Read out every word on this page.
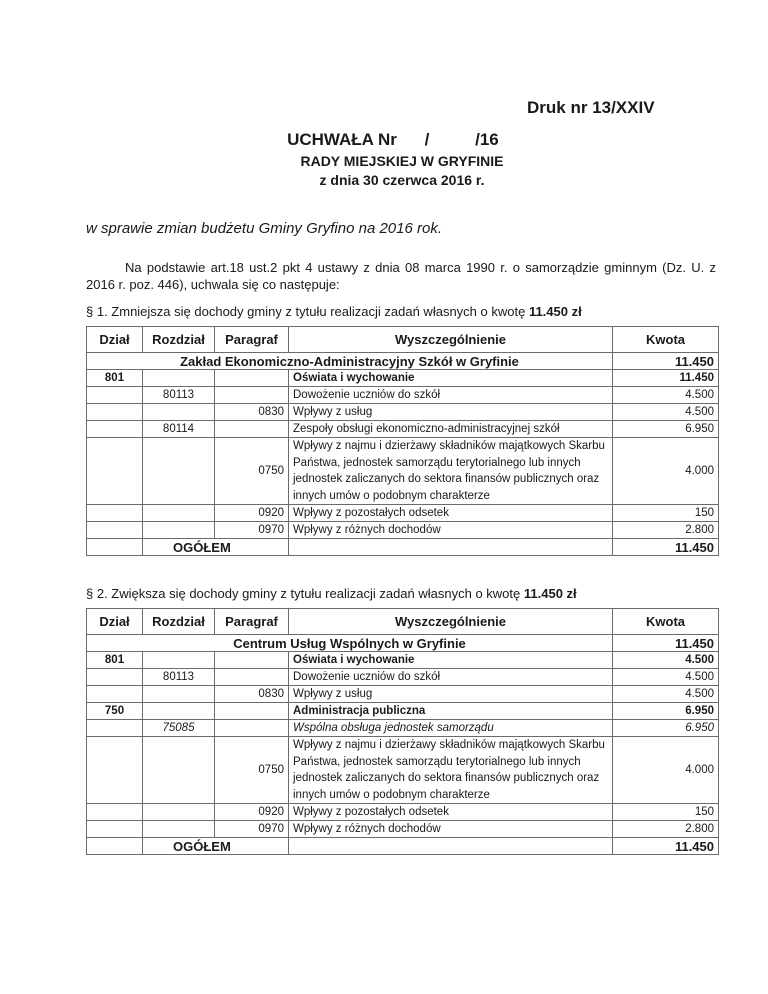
Druk nr 13/XXIV
UCHWAŁA Nr /	/16
RADY MIEJSKIEJ W GRYFINIE
z dnia 30 czerwca 2016 r.
w sprawie zmian budżetu Gminy Gryfino na 2016 rok.
Na podstawie art.18 ust.2 pkt 4 ustawy z dnia 08 marca 1990 r. o samorządzie gminnym (Dz. U. z 2016 r. poz. 446), uchwala się co następuje:
§ 1. Zmniejsza się dochody gminy z tytułu realizacji zadań własnych o kwotę 11.450 zł
Dział	Rozdział	Paragraf	Wyszczególnienie	Kwota
Zakład Ekonomiczno-Administracyjny Szkół w Gryfinie				11.450
801			Oświata i wychowanie	11.450
	80113		Dowożenie uczniów do szkół	4.500
		0830	Wpływy z usług	4.500
	80114		Zespoły obsługi ekonomiczno-administracyjnej szkół	6.950
		0750	Wpływy z najmu i dzierżawy składników majątkowych Skarbu Państwa, jednostek samorządu terytorialnego lub innych jednostek zaliczanych do sektora finansów publicznych oraz innych umów o podobnym charakterze	4.000
		0920	Wpływy z pozostałych odsetek	150
		0970	Wpływy z różnych dochodów	2.800
	OGÓŁEM			11.450
§ 2. Zwiększa się dochody gminy z tytułu realizacji zadań własnych o kwotę 11.450 zł
Dział	Rozdział	Paragraf	Wyszczególnienie	Kwota
Centrum Usług Wspólnych w Gryfinie				11.450
801			Oświata i wychowanie	4.500
	80113		Dowożenie uczniów do szkół	4.500
		0830	Wpływy z usług	4.500
750			Administracja publiczna	6.950
	75085		Wspólna obsługa jednostek samorządu	6.950
		0750	Wpływy z najmu i dzierżawy składników majątkowych Skarbu Państwa, jednostek samorządu terytorialnego lub innych jednostek zaliczanych do sektora finansów publicznych oraz innych umów o podobnym charakterze	4.000
		0920	Wpływy z pozostałych odsetek	150
		0970	Wpływy z różnych dochodów	2.800
	OGÓŁEM			11.450
